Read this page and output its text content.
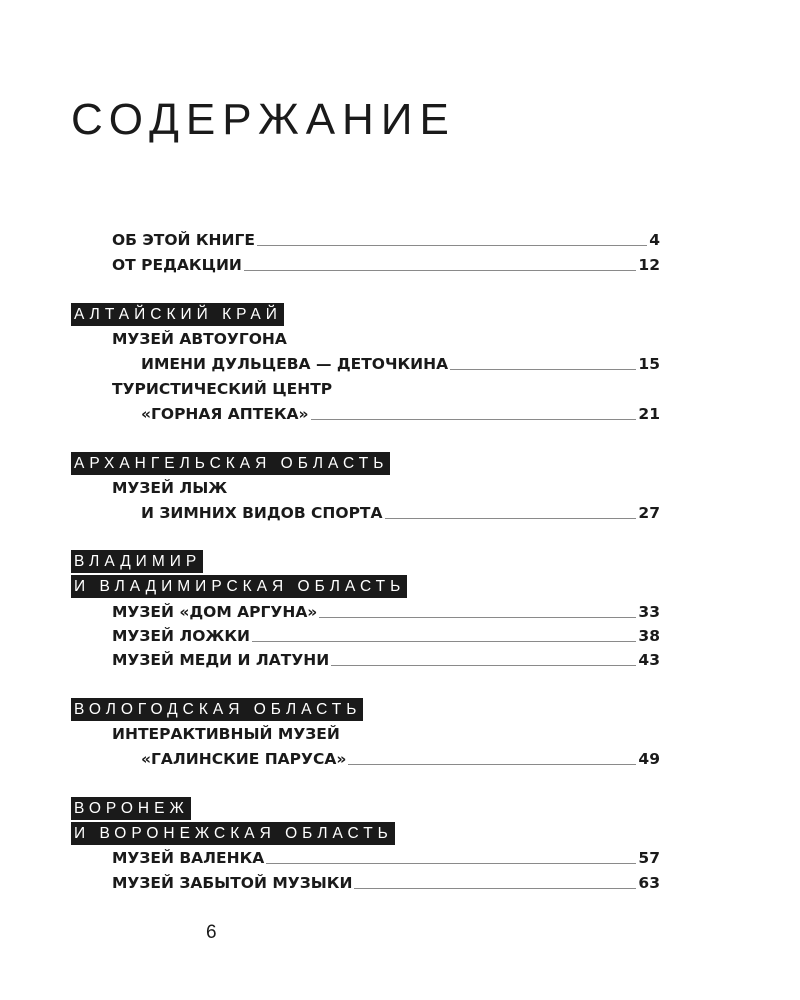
СОДЕРЖАНИЕ
ОБ ЭТОЙ КНИГЕ	4
ОТ РЕДАКЦИИ	12
АЛТАЙСКИЙ КРАЙ
МУЗЕЙ АВТОУГОНА
ИМЕНИ ДУЛЬЦЕВА — ДЕТОЧКИНА	15
ТУРИСТИЧЕСКИЙ ЦЕНТР
«ГОРНАЯ АПТЕКА»	21
АРХАНГЕЛЬСКАЯ ОБЛАСТЬ
МУЗЕЙ ЛЫЖ
И ЗИМНИХ ВИДОВ СПОРТА	27
ВЛАДИМИР
И ВЛАДИМИРСКАЯ ОБЛАСТЬ
МУЗЕЙ «ДОМ АРГУНА»	33
МУЗЕЙ ЛОЖКИ	38
МУЗЕЙ МЕДИ И ЛАТУНИ	43
ВОЛОГОДСКАЯ ОБЛАСТЬ
ИНТЕРАКТИВНЫЙ МУЗЕЙ
«ГАЛИНСКИЕ ПАРУСА»	49
ВОРОНЕЖ
И ВОРОНЕЖСКАЯ ОБЛАСТЬ
МУЗЕЙ ВАЛЕНКА	57
МУЗЕЙ ЗАБЫТОЙ МУЗЫКИ	63
6
